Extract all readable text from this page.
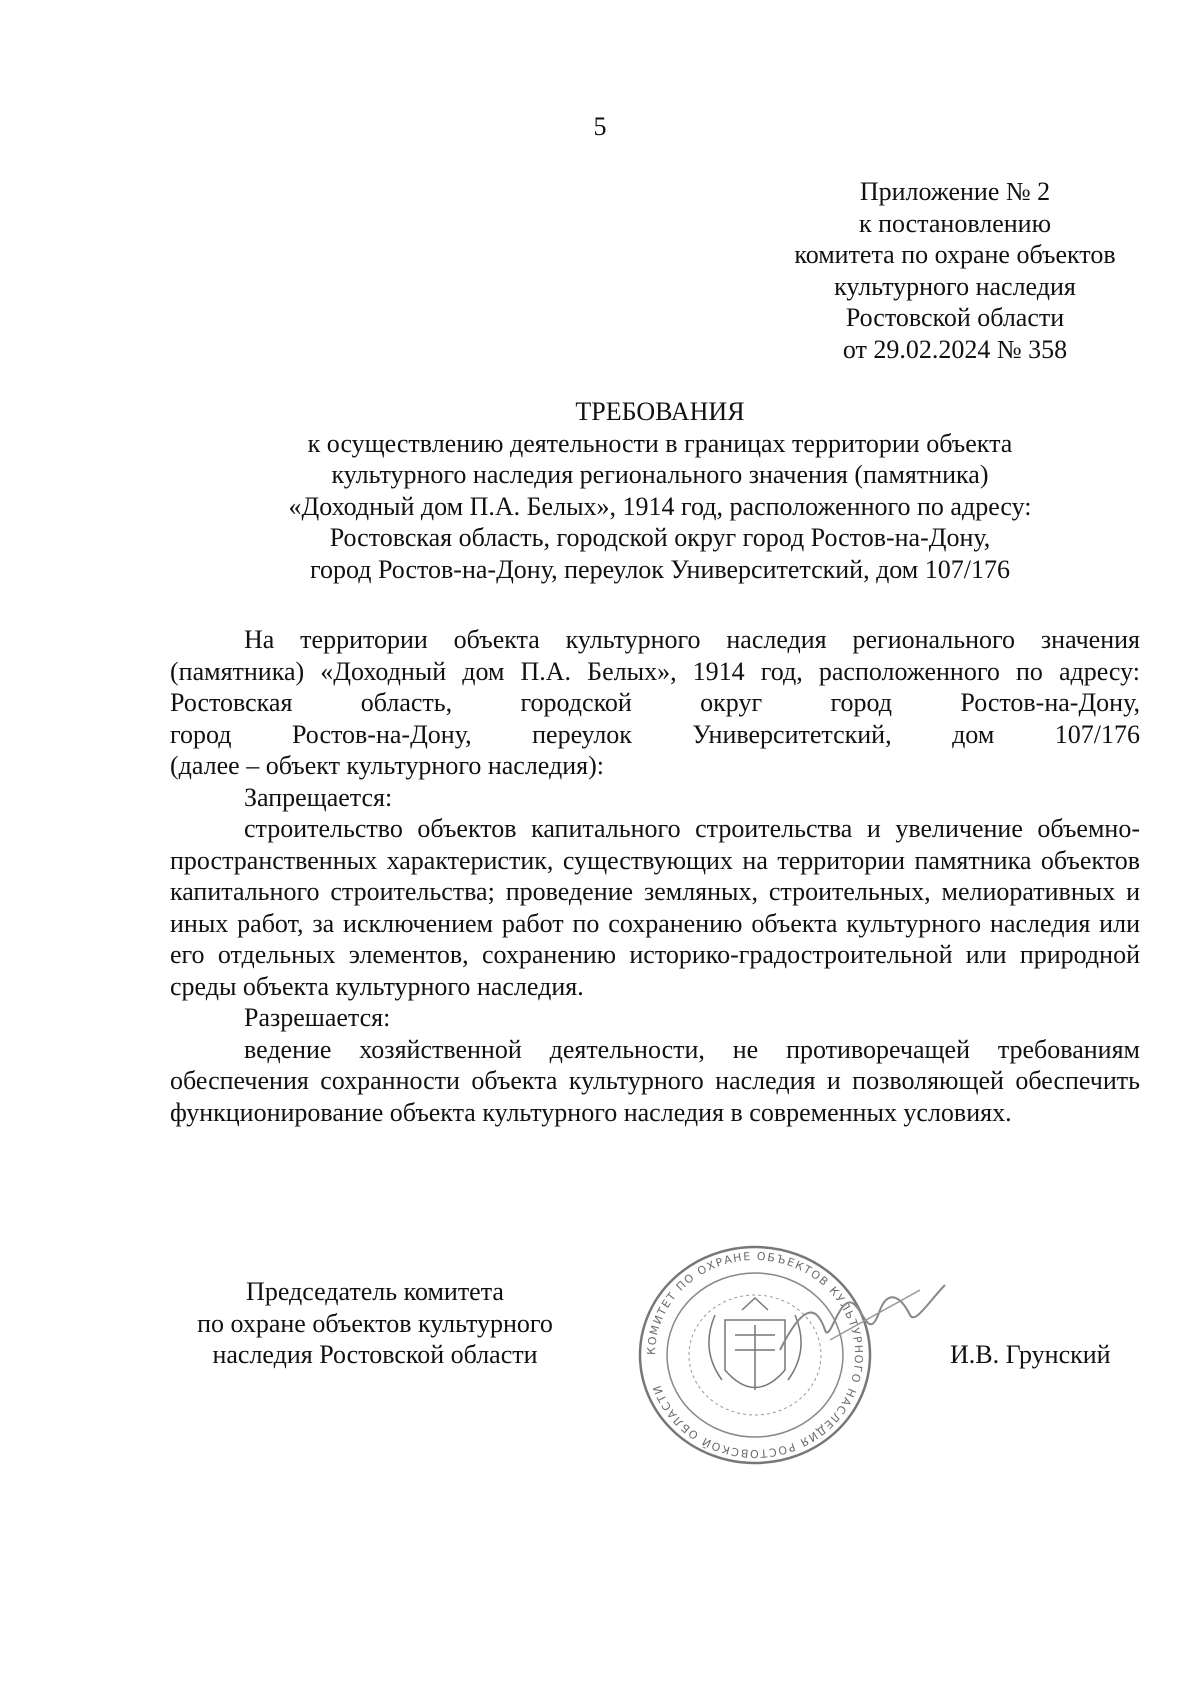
5
Приложение № 2
к постановлению
комитета по охране объектов
культурного наследия
Ростовской области
от 29.02.2024 № 358
ТРЕБОВАНИЯ
к осуществлению деятельности в границах территории объекта
культурного наследия регионального значения (памятника)
«Доходный дом П.А. Белых», 1914 год, расположенного по адресу:
Ростовская область, городской округ город Ростов-на-Дону,
город Ростов-на-Дону, переулок Университетский, дом 107/176

На территории объекта культурного наследия регионального значения

(памятника) «Доходный дом П.А. Белых», 1914 год, расположенного по адресу:

Ростовская область, городской округ город Ростов-на-Дону,

город Ростов-на-Дону, переулок Университетский, дом 107/176

(далее – объект культурного наследия):

Запрещается:

строительство объектов капитального строительства и увеличение объемно-пространственных характеристик, существующих на территории памятника объектов капитального строительства; проведение земляных, строительных, мелиоративных и иных работ, за исключением работ по сохранению объекта культурного наследия или его отдельных элементов, сохранению историко-градостроительной или природной среды объекта культурного наследия.

Разрешается:

ведение хозяйственной деятельности, не противоречащей требованиям обеспечения сохранности объекта культурного наследия и позволяющей обеспечить функционирование объекта культурного наследия в современных условиях.

Председатель комитета
по охране объектов культурного
наследия Ростовской области	КОМИТЕТ ПО ОХРАНЕ ОБЪЕКТОВ КУЛЬТУРНОГО НАСЛЕДИЯ РОСТОВСКОЙ ОБЛАСТИ
И.В. Грунский
